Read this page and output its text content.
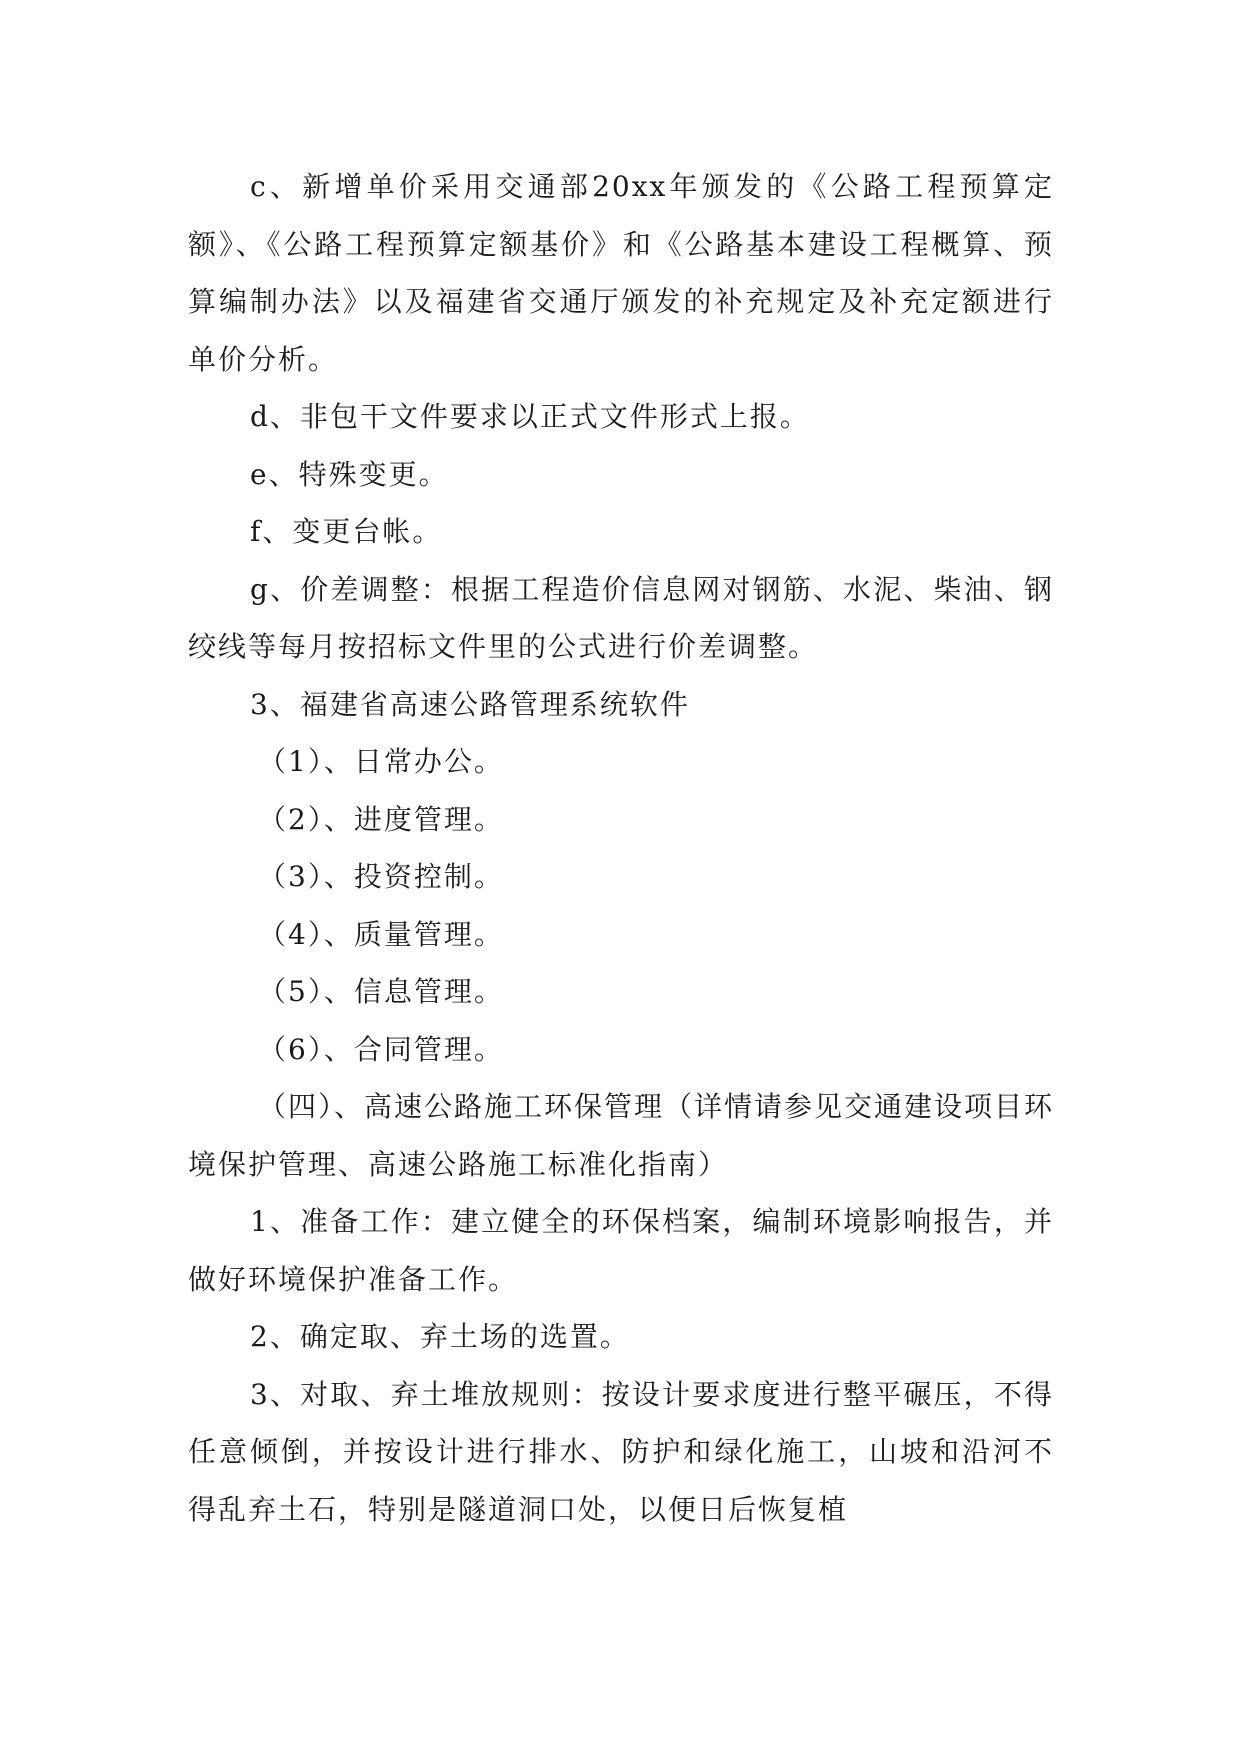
c、新增单价采用交通部20xx年颁发的《公路工程预算定额》、《公路工程预算定额基价》和《公路基本建设工程概算、预算编制办法》以及福建省交通厅颁发的补充规定及补充定额进行单价分析。

d、非包干文件要求以正式文件形式上报。

e、特殊变更。

f、变更台帐。

g、价差调整：根据工程造价信息网对钢筋、水泥、柴油、钢绞线等每月按招标文件里的公式进行价差调整。

3、福建省高速公路管理系统软件

（1）、日常办公。

（2）、进度管理。

（3）、投资控制。

（4）、质量管理。

（5）、信息管理。

（6）、合同管理。

（四）、高速公路施工环保管理（详情请参见交通建设项目环境保护管理、高速公路施工标准化指南）

1、准备工作：建立健全的环保档案，编制环境影响报告，并做好环境保护准备工作。

2、确定取、弃土场的选置。

3、对取、弃土堆放规则：按设计要求度进行整平碾压，不得任意倾倒，并按设计进行排水、防护和绿化施工，山坡和沿河不得乱弃土石，特别是隧道洞口处，以便日后恢复植
